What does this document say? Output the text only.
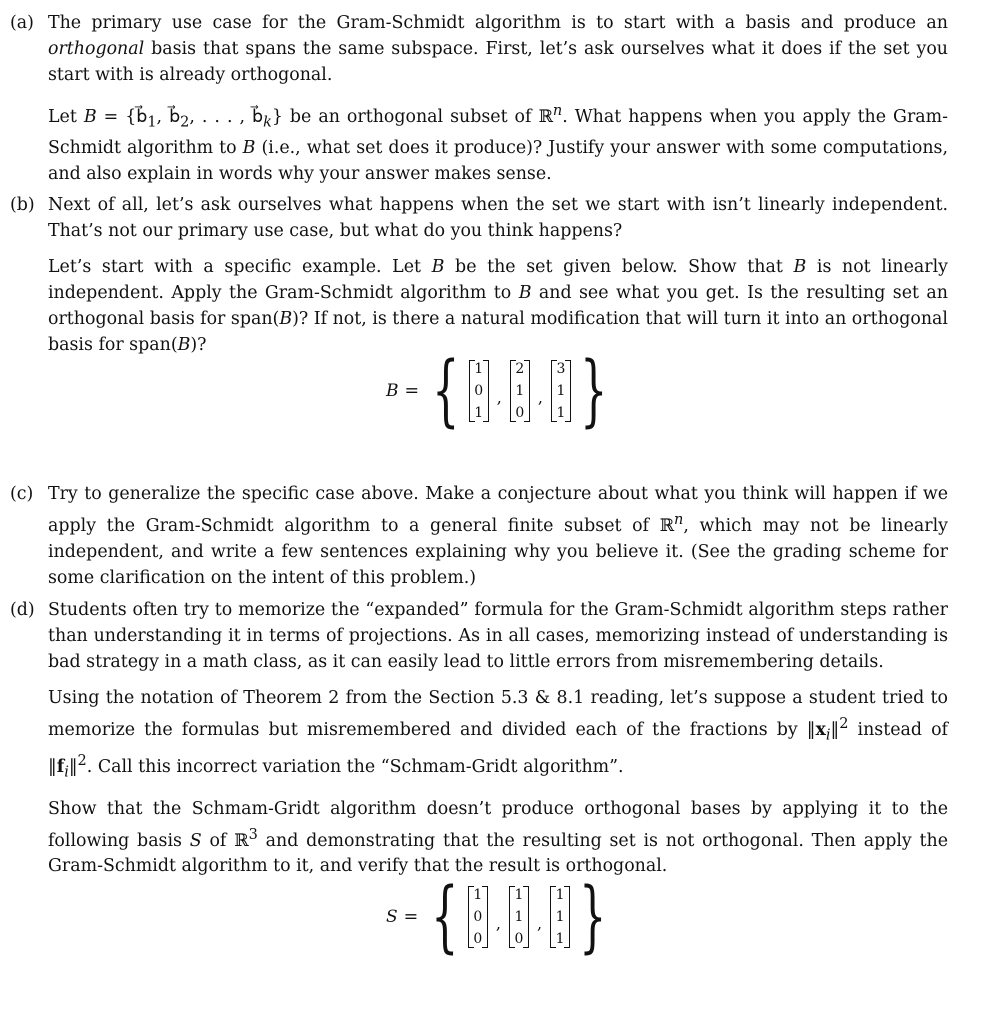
(a) The primary use case for the Gram-Schmidt algorithm is to start with a basis and produce an orthogonal basis that spans the same subspace. First, let’s ask ourselves what it does if the set you start with is already orthogonal.

Let $B = \{b⃗_1$, $b⃗_2$, . . . , $b⃗_k$} be an orthogonal subset of ℝ$^n$. What happens when you apply the Gram-Schmidt algorithm to B (i.e., what set does it produce)? Justify your answer with some computations, and also explain in words why your answer makes sense.

(b) Next of all, let’s ask ourselves what happens when the set we start with isn’t linearly independent. That’s not our primary use case, but what do you think happens?

Let’s start with a specific example. Let B be the set given below. Show that B is not linearly independent. Apply the Gram-Schmidt algorithm to B and see what you get. Is the resulting set an orthogonal basis for span(B)? If not, is there a natural modification that will turn it into an orthogonal basis for span(B)?

B = { 1
0
1
,
2
1
0
,
3
1
1 }
(c) Try to generalize the specific case above. Make a conjecture about what you think will happen if we apply the Gram-Schmidt algorithm to a general finite subset of ℝ$^n$, which may not be linearly independent, and write a few sentences explaining why you believe it. (See the grading scheme for some clarification on the intent of this problem.)

(d) Students often try to memorize the “expanded” formula for the Gram-Schmidt algorithm steps rather than understanding it in terms of projections. As in all cases, memorizing instead of understanding is bad strategy in a math class, as it can easily lead to little errors from misremembering details.

Using the notation of Theorem 2 from the Section 5.3 & 8.1 reading, let’s suppose a student tried to memorize the formulas but misremembered and divided each of the fractions by $‖x_i‖^2$ instead of $‖f_i‖^2$. Call this incorrect variation the “Schmam-Gridt algorithm”.

Show that the Schmam-Gridt algorithm doesn’t produce orthogonal bases by applying it to the following basis S of ℝ$^3$ and demonstrating that the resulting set is not orthogonal. Then apply the Gram-Schmidt algorithm to it, and verify that the result is orthogonal.

S = { 1
0
0
,
1
1
0
,
1
1
1 }
